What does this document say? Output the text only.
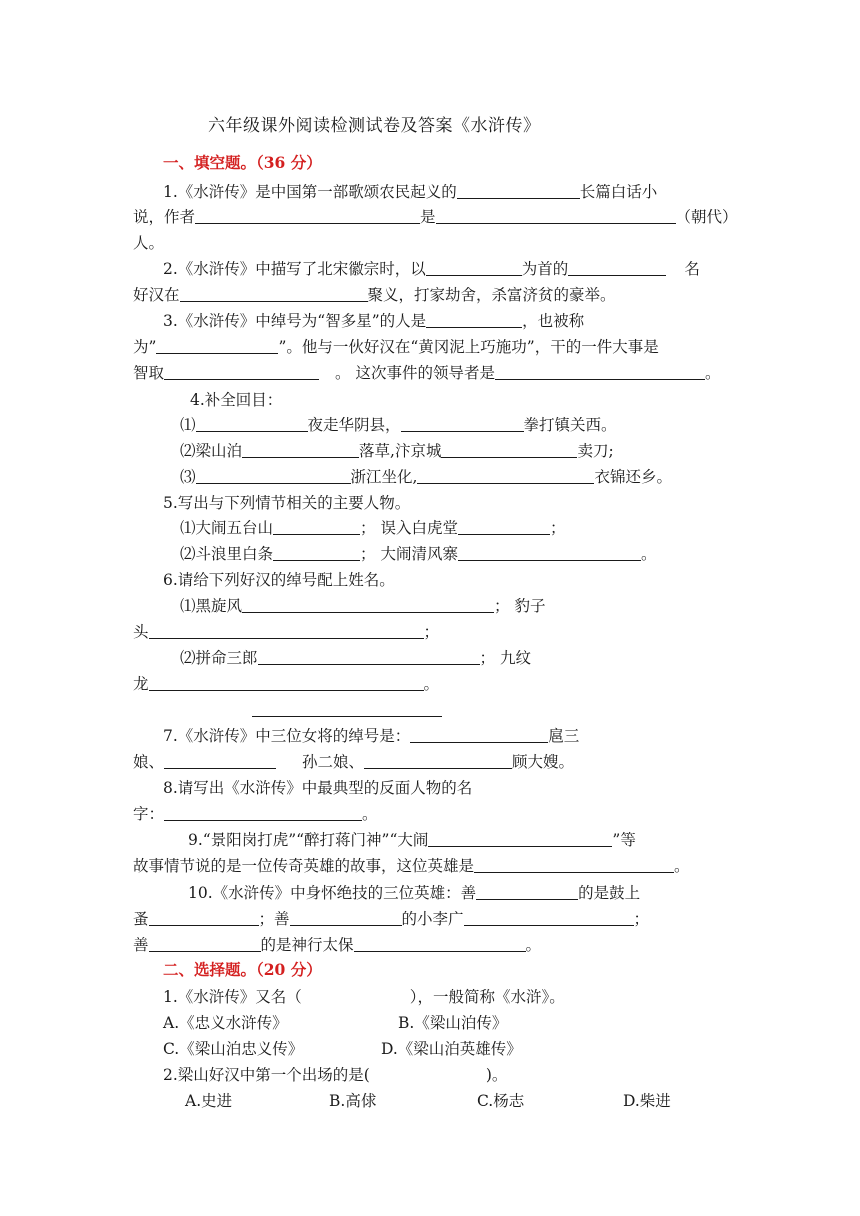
六年级课外阅读检测试卷及答案《水浒传》
一、填空题。（36 分）
1.《水浒传》是中国第一部歌颂农民起义的	长篇白话小
说，作者	是	（朝代）
人。
2.《水浒传》中描写了北宋徽宗时，以	为首的	名
好汉在	聚义，打家劫舍，杀富济贫的豪举。
3.《水浒传》中绰号为“智多星”的人是	，也被称
为”	”。他与一伙好汉在“黄冈泥上巧施功”，干的一件大事是
智取	。 这次事件的领导者是	。
4.补全回目：
⑴	夜走华阴县，	拳打镇关西。
⑵梁山泊	落草,汴京城	卖刀;
⑶	浙江坐化,	衣锦还乡。
5.写出与下列情节相关的主要人物。
⑴大闹五台山	； 误入白虎堂	；
⑵斗浪里白条	； 大闹清风寨	。
6.请给下列好汉的绰号配上姓名。
⑴黑旋风	； 豹子
头	；
⑵拼命三郎	； 九纹
龙	。
7.《水浒传》中三位女将的绰号是：	扈三
娘、	孙二娘、	顾大嫂。
8.请写出《水浒传》中最典型的反面人物的名
字：	。
9.“景阳岗打虎”“醉打蒋门神”“大闹	”等
故事情节说的是一位传奇英雄的故事，这位英雄是	。
10.《水浒传》中身怀绝技的三位英雄：善	的是鼓上
蚤	；善	的小李广	；
善	的是神行太保	。
二、选择题。（20 分）
1.《水浒传》又名（	），一般简称《水浒》。
A.《忠义水浒传》	B.《梁山泊传》
C.《梁山泊忠义传》	D.《梁山泊英雄传》
2.梁山好汉中第一个出场的是(	)。
A.史进	B.高俅	C.杨志	D.柴进
